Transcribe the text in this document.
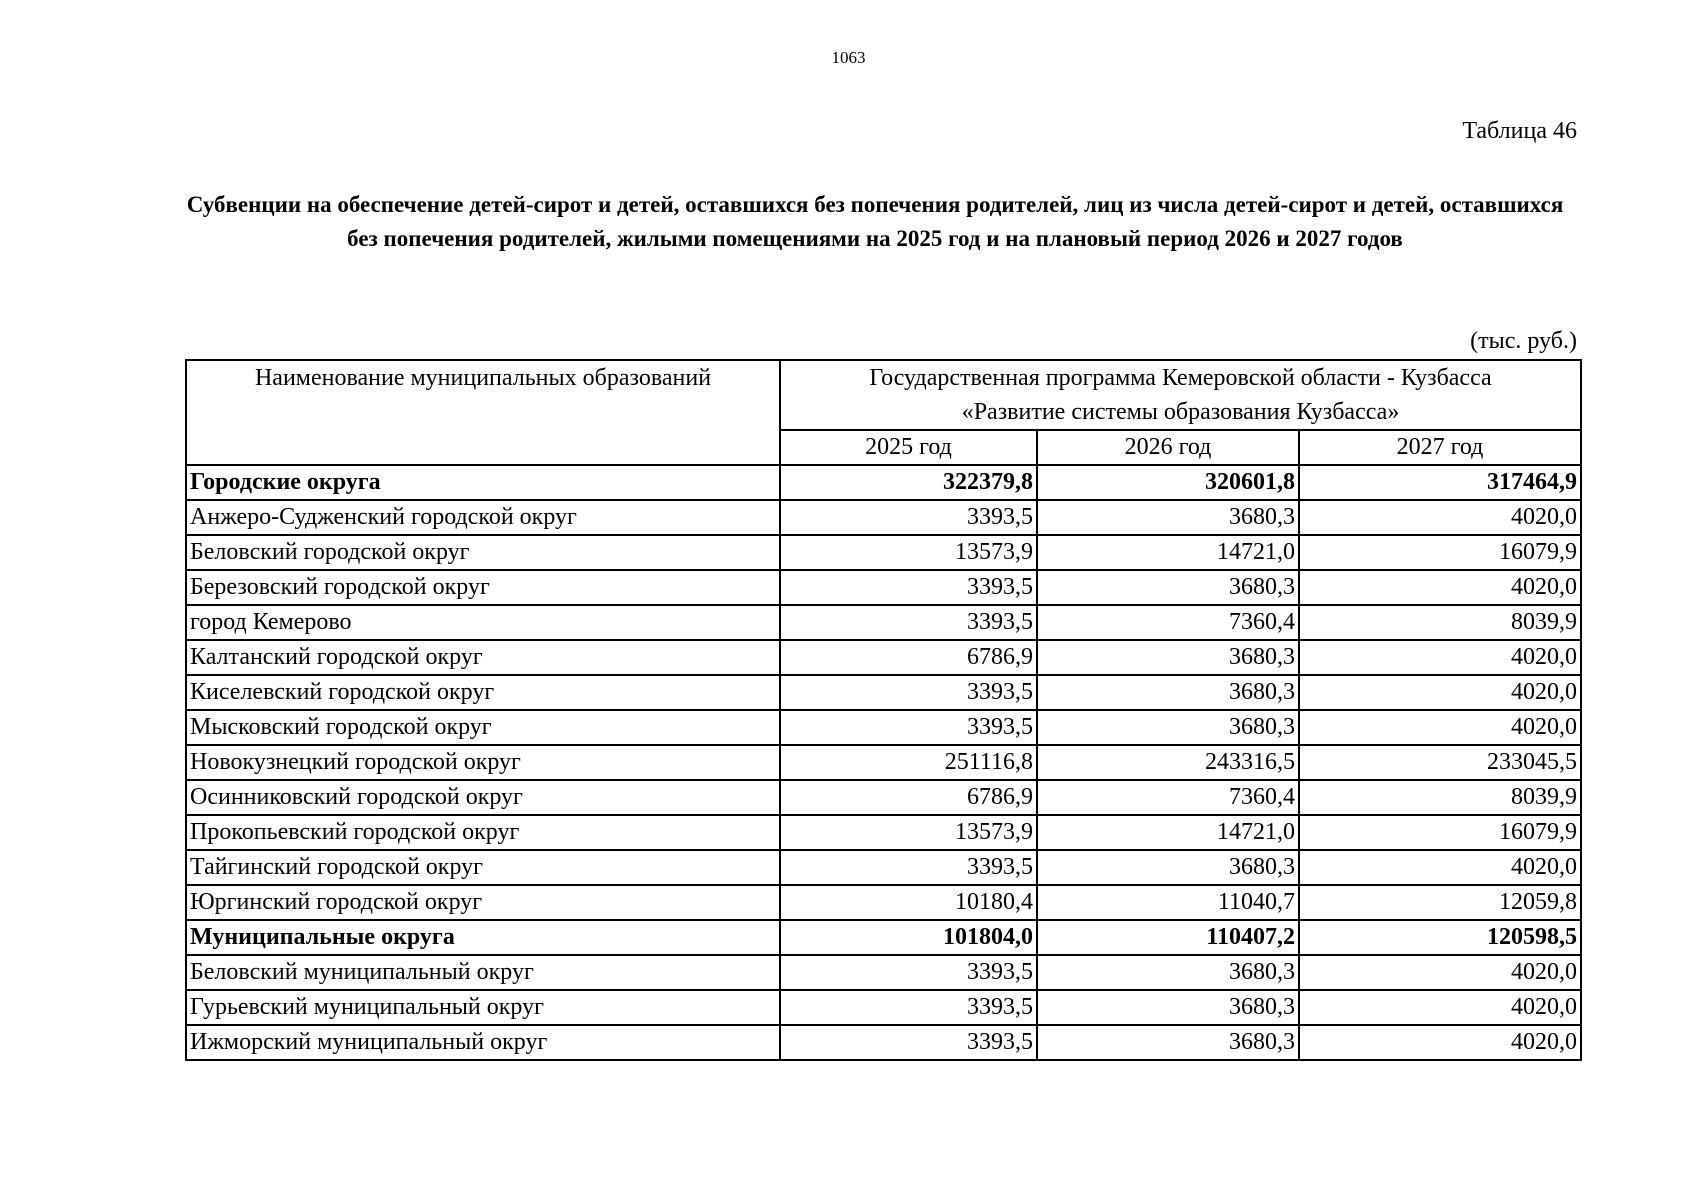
1063
Таблица 46
Субвенции на обеспечение детей-сирот и детей, оставшихся без попечения родителей, лиц из числа детей-сирот и детей, оставшихся без попечения родителей, жилыми помещениями на 2025 год и на плановый период 2026 и 2027 годов
(тыс. руб.)
Наименование муниципальных образований	Государственная программа Кемеровской области - Кузбасса
«Развитие системы образования Кузбасса»		
	2025 год	2026 год	2027 год
Городские округа	322379,8	320601,8	317464,9
Анжеро-Судженский городской округ	3393,5	3680,3	4020,0
Беловский городской округ	13573,9	14721,0	16079,9
Березовский городской округ	3393,5	3680,3	4020,0
город Кемерово	3393,5	7360,4	8039,9
Калтанский городской округ	6786,9	3680,3	4020,0
Киселевский городской округ	3393,5	3680,3	4020,0
Мысковский городской округ	3393,5	3680,3	4020,0
Новокузнецкий городской округ	251116,8	243316,5	233045,5
Осинниковский городской округ	6786,9	7360,4	8039,9
Прокопьевский городской округ	13573,9	14721,0	16079,9
Тайгинский городской округ	3393,5	3680,3	4020,0
Юргинский городской округ	10180,4	11040,7	12059,8
Муниципальные округа	101804,0	110407,2	120598,5
Беловский муниципальный округ	3393,5	3680,3	4020,0
Гурьевский муниципальный округ	3393,5	3680,3	4020,0
Ижморский муниципальный округ	3393,5	3680,3	4020,0
